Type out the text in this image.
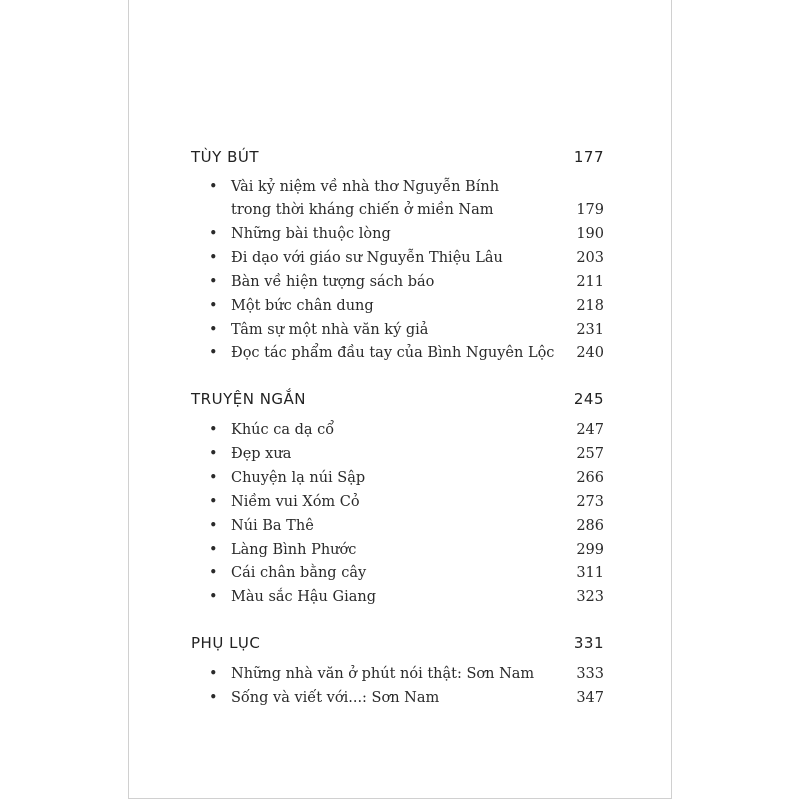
TÙY BÚT	177
• Vài kỷ niệm về nhà thơ Nguyễn Bính
trong thời kháng chiến ở miền Nam	179
• Những bài thuộc lòng	190
• Đi dạo với giáo sư Nguyễn Thiệu Lâu	203
• Bàn về hiện tượng sách báo	211
• Một bức chân dung	218
• Tâm sự một nhà văn ký giả	231
• Đọc tác phẩm đầu tay của Bình Nguyên Lộc 240
TRUYỆN NGẮN	245
• Khúc ca dạ cổ	247
• Đẹp xưa	257
• Chuyện lạ núi Sập	266
• Niềm vui Xóm Cỏ	273
• Núi Ba Thê	286
• Làng Bình Phước	299
• Cái chân bằng cây	311
• Màu sắc Hậu Giang	323
PHỤ LỤC	331
• Những nhà văn ở phút nói thật: Sơn Nam	333
• Sống và viết với...: Sơn Nam	347
